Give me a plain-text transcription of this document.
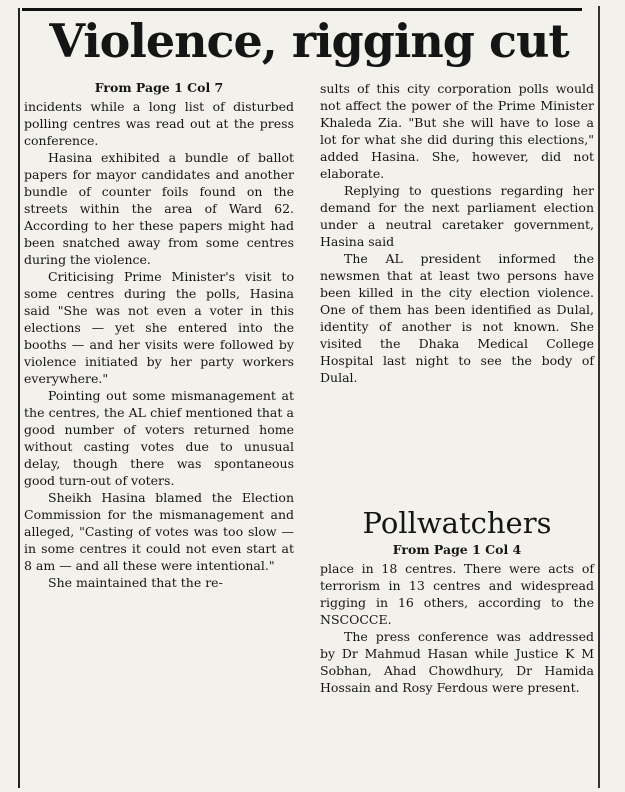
Violence, rigging cut
From Page 1 Col 7

incidents while a long list of disturbed polling centres was read out at the press conference.

Hasina exhibited a bundle of ballot papers for mayor candidates and another bundle of counter foils found on the streets within the area of Ward 62. According to her these papers might had been snatched away from some centres during the violence.

Criticising Prime Minister's visit to some centres during the polls, Hasina said "She was not even a voter in this elections — yet she entered into the booths — and her visits were followed by violence initiated by her party workers everywhere."

Pointing out some mismanagement at the centres, the AL chief mentioned that a good number of voters returned home without casting votes due to unusual delay, though there was spontaneous good turn-out of voters.

Sheikh Hasina blamed the Election Commission for the mismanagement and alleged, "Casting of votes was too slow — in some centres it could not even start at 8 am — and all these were intentional."

She maintained that the re-

sults of this city corporation polls would not affect the power of the Prime Minister Khaleda Zia. "But she will have to lose a lot for what she did during this elections," added Hasina. She, however, did not elaborate.

Replying to questions regarding her demand for the next parliament election under a neutral caretaker government, Hasina said

The AL president informed the newsmen that at least two persons have been killed in the city election violence. One of them has been identified as Dulal, identity of another is not known. She visited the Dhaka Medical College Hospital last night to see the body of Dulal.

Pollwatchers
From Page 1 Col 4

place in 18 centres. There were acts of terrorism in 13 centres and widespread rigging in 16 others, according to the NSCOCCE.

The press conference was addressed by Dr Mahmud Hasan while Justice K M Sobhan, Ahad Chowdhury, Dr Hamida Hossain and Rosy Ferdous were present.
